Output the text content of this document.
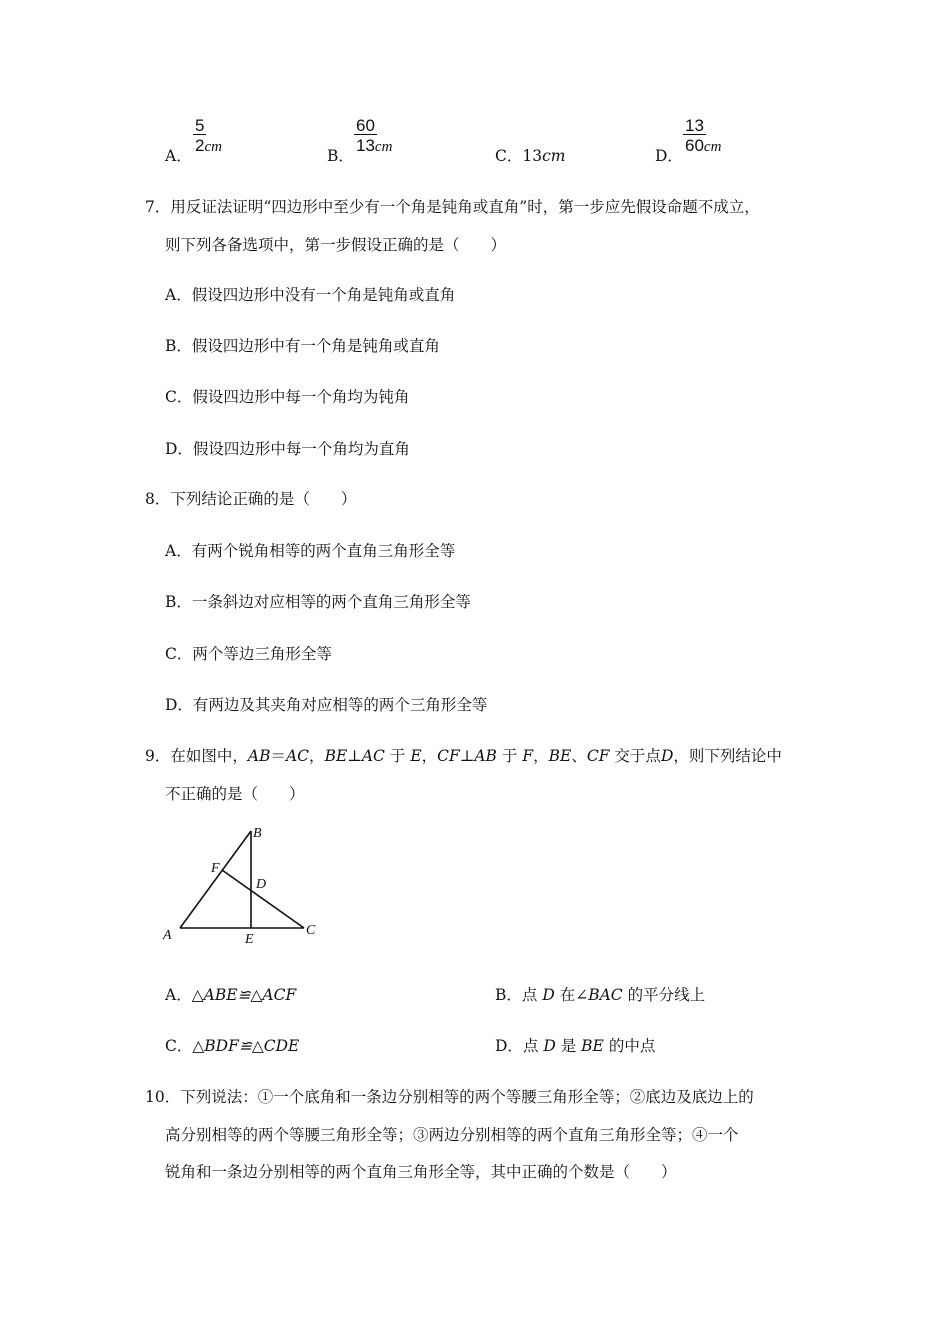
A．
$\frac{5}{2cm}$
B．
$\frac{60}{13cm}$
C．13cm	D．
$\frac{13}{60cm}$
7．用反证法证明“四边形中至少有一个角是钝角或直角”时，第一步应先假设命题不成立，
则下列各备选项中，第一步假设正确的是（　　）
A．假设四边形中没有一个角是钝角或直角
B．假设四边形中有一个角是钝角或直角
C．假设四边形中每一个角均为钝角
D．假设四边形中每一个角均为直角
8．下列结论正确的是（　　）
A．有两个锐角相等的两个直角三角形全等
B．一条斜边对应相等的两个直角三角形全等
C．两个等边三角形全等
D．有两边及其夹角对应相等的两个三角形全等
9．在如图中，AB＝AC，BE⊥AC 于 E，CF⊥AB 于 F，BE、CF 交于点D，则下列结论中
不正确的是（　　）
A
B
C
D
E
F
A．△ABE≌△ACF	B．点 D 在∠BAC 的平分线上
C．△BDF≌△CDE	D．点 D 是 BE 的中点
10．下列说法：①一个底角和一条边分别相等的两个等腰三角形全等；②底边及底边上的
高分别相等的两个等腰三角形全等；③两边分别相等的两个直角三角形全等；④一个
锐角和一条边分别相等的两个直角三角形全等，其中正确的个数是（　　）
